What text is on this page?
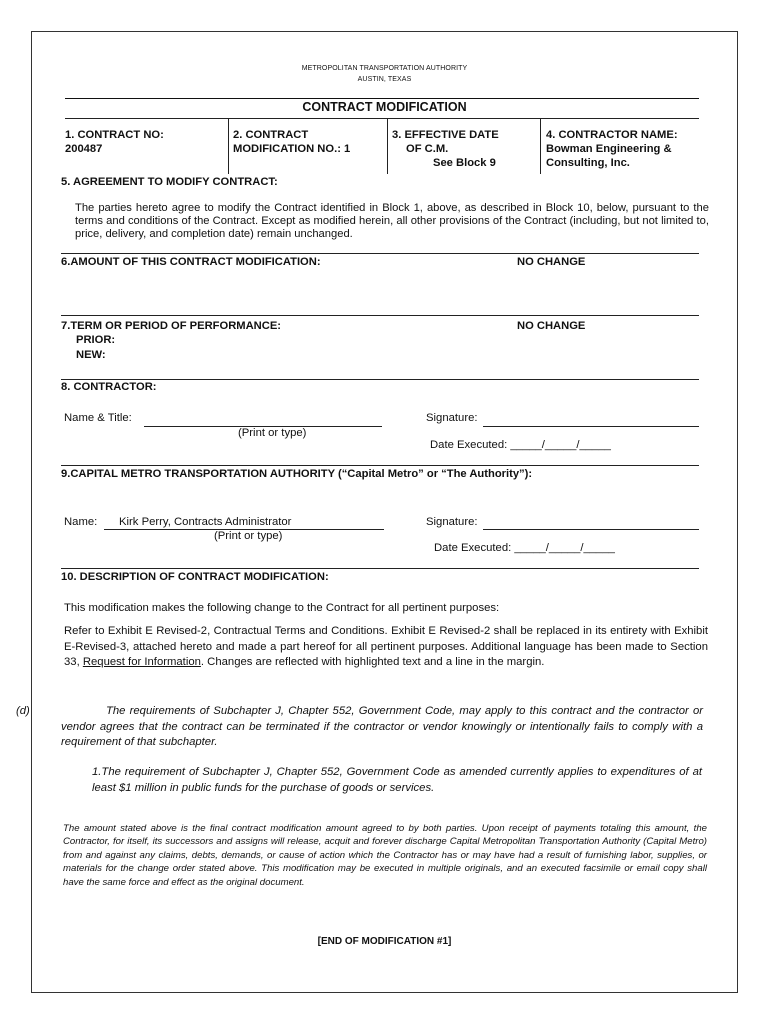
METROPOLITAN TRANSPORTATION AUTHORITY
AUSTIN, TEXAS
CONTRACT MODIFICATION
1. CONTRACT NO:
200487
2. CONTRACT
MODIFICATION NO.: 1
3. EFFECTIVE DATE
OF C.M.
See Block 9
4. CONTRACTOR NAME:
Bowman Engineering &
Consulting, Inc.
5. AGREEMENT TO MODIFY CONTRACT:
The parties hereto agree to modify the Contract identified in Block 1, above, as described in Block 10, below, pursuant to the terms and conditions of the Contract. Except as modified herein, all other provisions of the Contract (including, but not limited to, price, delivery, and completion date) remain unchanged.
6.AMOUNT OF THIS CONTRACT MODIFICATION:	NO CHANGE
7.TERM OR PERIOD OF PERFORMANCE:	NO CHANGE
PRIOR:
NEW:
8. CONTRACTOR:
Name & Title:
(Print or type)
Signature:
Date Executed: _____/_____/_____
9.CAPITAL METRO TRANSPORTATION AUTHORITY (“Capital Metro” or “The Authority”):
Name: Kirk Perry, Contracts Administrator
(Print or type)
Signature:
Date Executed: _____/_____/_____
10. DESCRIPTION OF CONTRACT MODIFICATION:
This modification makes the following change to the Contract for all pertinent purposes:
Refer to Exhibit E Revised-2, Contractual Terms and Conditions. Exhibit E Revised-2 shall be replaced in its entirety with Exhibit E-Revised-3, attached hereto and made a part hereof for all pertinent purposes. Additional language has been made to Section 33, Request for Information. Changes are reflected with highlighted text and a line in the margin.
(d)	The requirements of Subchapter J, Chapter 552, Government Code, may apply to this contract and the contractor or vendor agrees that the contract can be terminated if the contractor or vendor knowingly or intentionally fails to comply with a requirement of that subchapter.
1.The requirement of Subchapter J, Chapter 552, Government Code as amended currently applies to expenditures of at least $1 million in public funds for the purchase of goods or services.
The amount stated above is the final contract modification amount agreed to by both parties. Upon receipt of payments totaling this amount, the Contractor, for itself, its successors and assigns will release, acquit and forever discharge Capital Metropolitan Transportation Authority (Capital Metro) from and against any claims, debts, demands, or cause of action which the Contractor has or may have had a result of furnishing labor, supplies, or materials for the change order stated above. This modification may be executed in multiple originals, and an executed facsimile or email copy shall have the same force and effect as the original document.
[END OF MODIFICATION #1]
